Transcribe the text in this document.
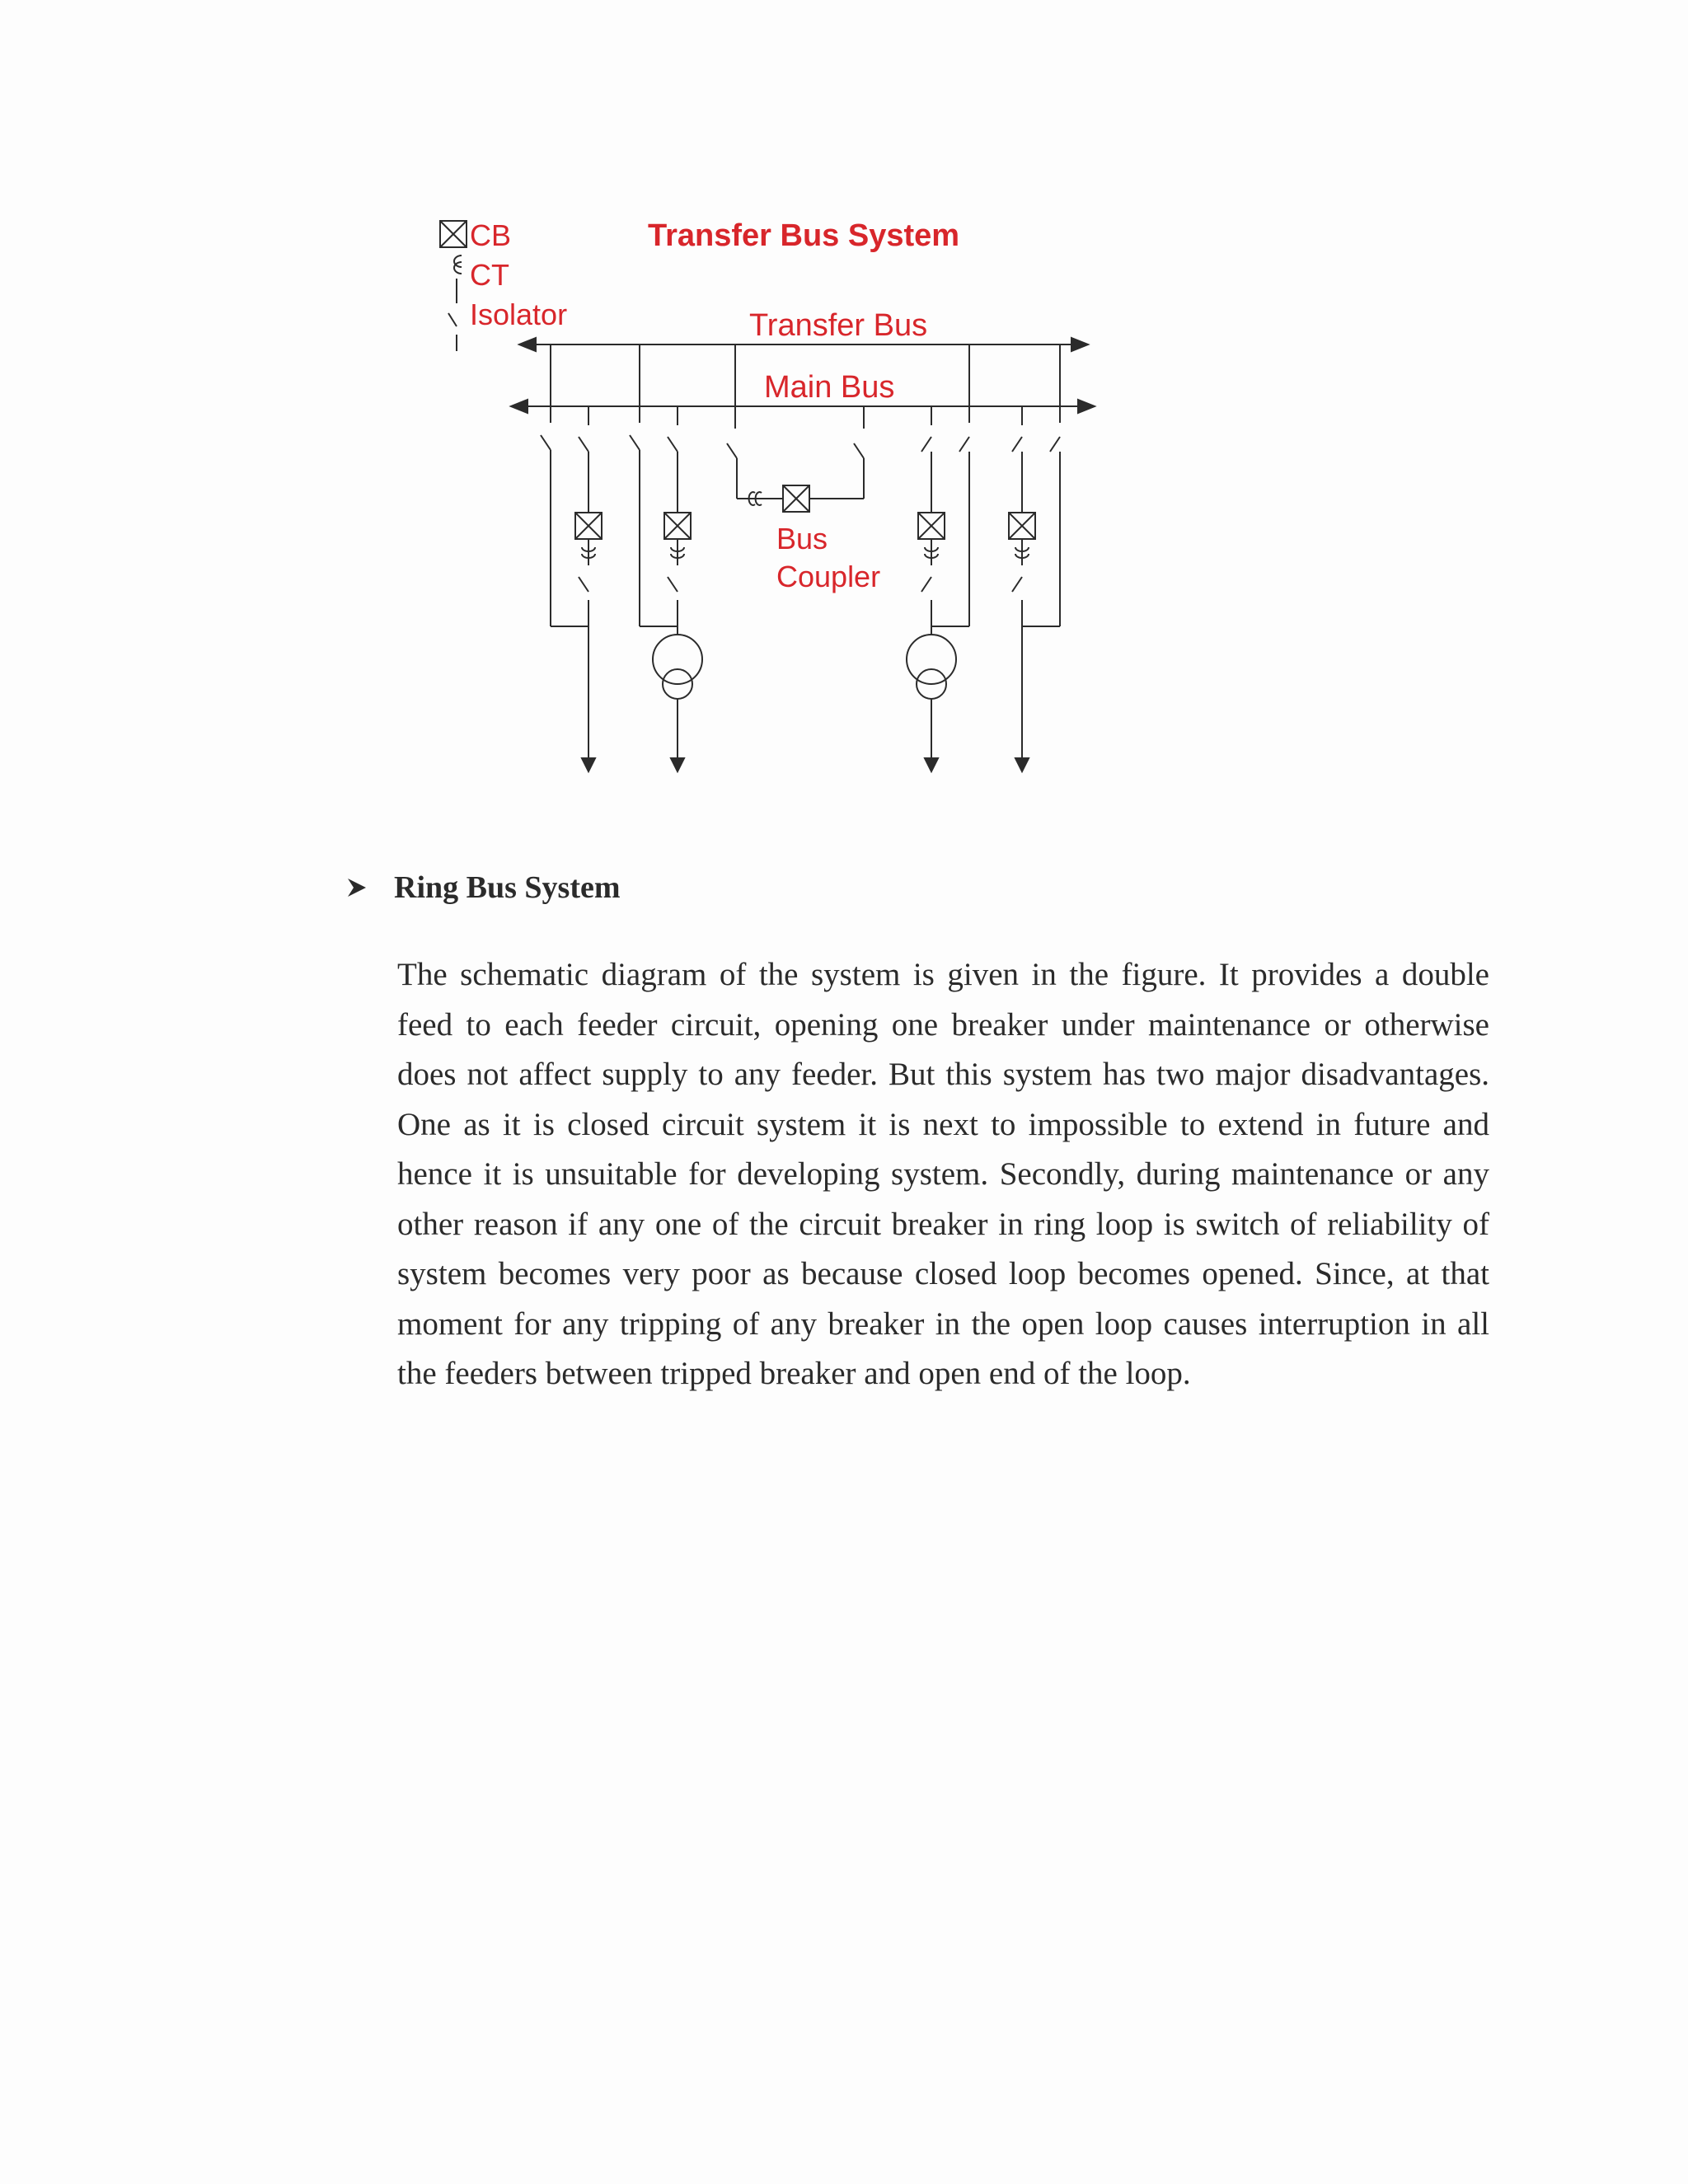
CB
CT
Isolator
Transfer Bus System
Transfer Bus
Main Bus
Bus
Coupler
Ring Bus System

The schematic diagram of the system is given in the figure. It provides a double
feed to each feeder circuit, opening one breaker under maintenance or otherwise
does not affect supply to any feeder. But this system has two major disadvantages.
One as it is closed circuit system it is next to impossible to extend in future and
hence it is unsuitable for developing system. Secondly, during maintenance or any
other reason if any one of the circuit breaker in ring loop is switch of reliability of
system becomes very poor as because closed loop becomes opened. Since, at that
moment for any tripping of any breaker in the open loop causes interruption in all
the feeders between tripped breaker and open end of the loop.
